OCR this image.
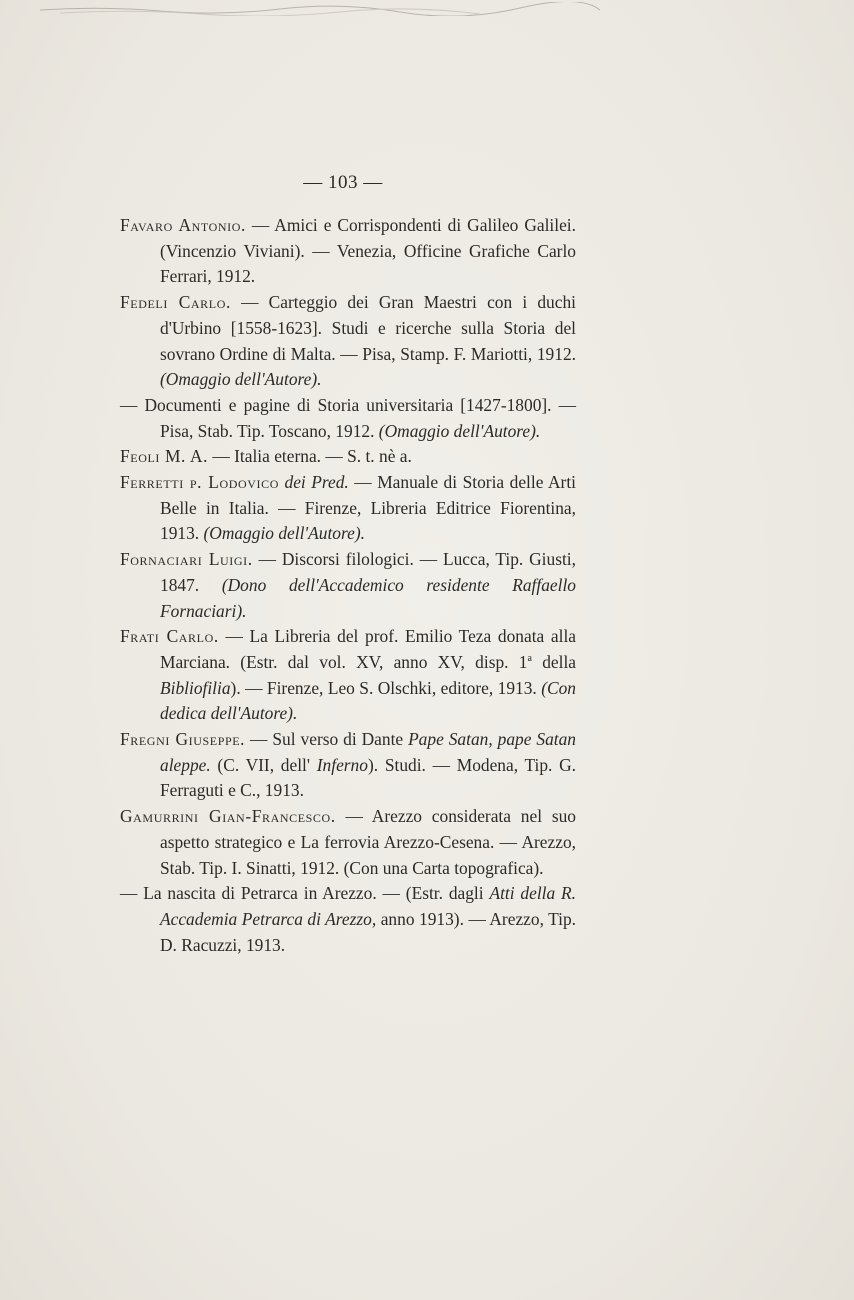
— 103 —

Favaro Antonio. — Amici e Corrispondenti di Galileo Galilei. (Vincenzio Viviani). — Venezia, Officine Grafiche Carlo Ferrari, 1912.

Fedeli Carlo. — Carteggio dei Gran Maestri con i duchi d'Urbino [1558-1623]. Studi e ricerche sulla Storia del sovrano Ordine di Malta. — Pisa, Stamp. F. Mariotti, 1912. (Omaggio dell'Autore).

— Documenti e pagine di Storia universitaria [1427-1800]. — Pisa, Stab. Tip. Toscano, 1912. (Omaggio dell'Autore).

Feoli M. A. — Italia eterna. — S. t. nè a.

Ferretti p. Lodovico dei Pred. — Manuale di Storia delle Arti Belle in Italia. — Firenze, Libreria Editrice Fiorentina, 1913. (Omaggio dell'Autore).

Fornaciari Luigi. — Discorsi filologici. — Lucca, Tip. Giusti, 1847. (Dono dell'Accademico residente Raffaello Fornaciari).

Frati Carlo. — La Libreria del prof. Emilio Teza donata alla Marciana. (Estr. dal vol. XV, anno XV, disp. 1$^a$ della Bibliofilia). — Firenze, Leo S. Olschki, editore, 1913. (Con dedica dell'Autore).

Fregni Giuseppe. — Sul verso di Dante Pape Satan, pape Satan aleppe. (C. VII, dell' Inferno). Studi. — Modena, Tip. G. Ferraguti e C., 1913.

Gamurrini Gian-Francesco. — Arezzo considerata nel suo aspetto strategico e La ferrovia Arezzo-Cesena. — Arezzo, Stab. Tip. I. Sinatti, 1912. (Con una Carta topografica).

— La nascita di Petrarca in Arezzo. — (Estr. dagli Atti della R. Accademia Petrarca di Arezzo, anno 1913). — Arezzo, Tip. D. Racuzzi, 1913.
